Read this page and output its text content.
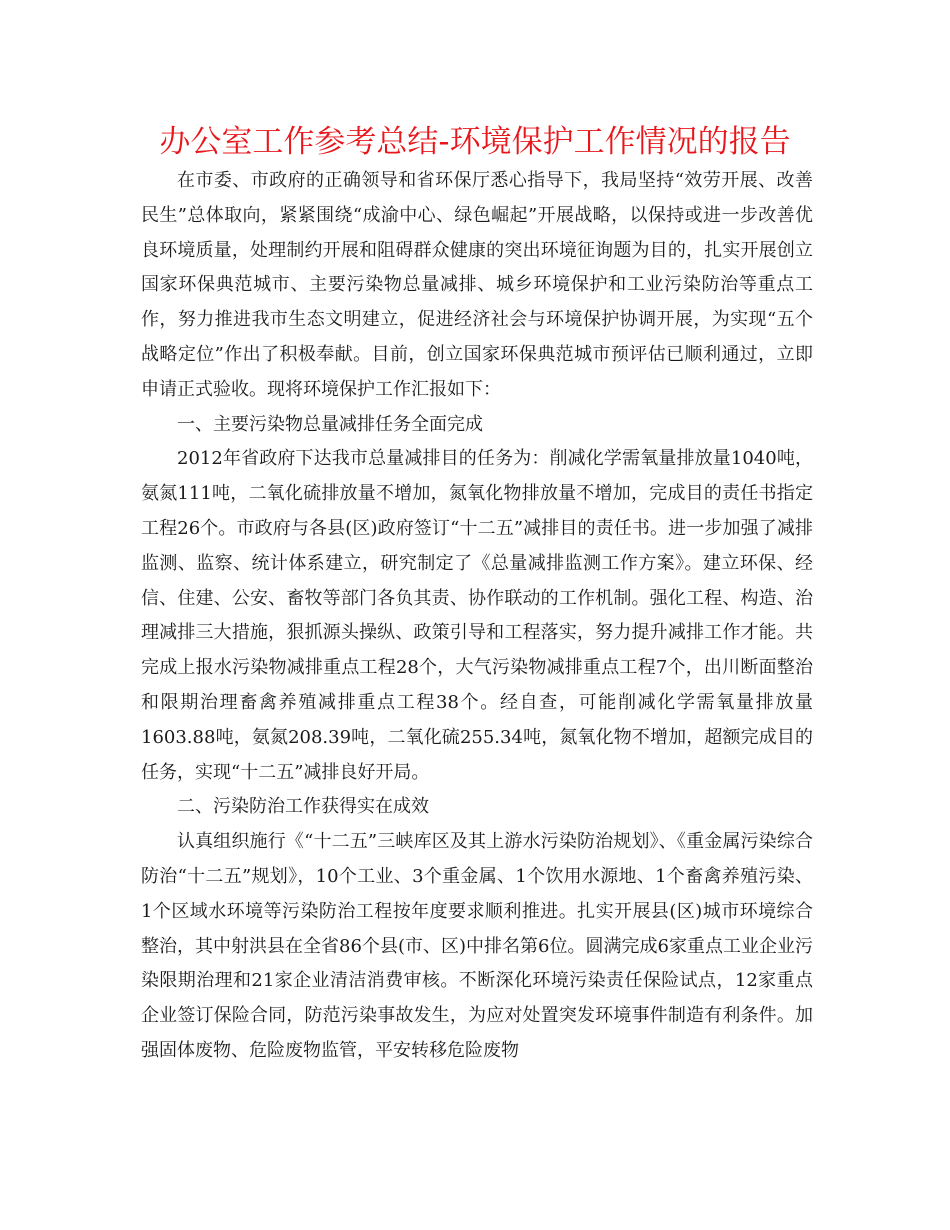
办公室工作参考总结-环境保护工作情况的报告

在市委、市政府的正确领导和省环保厅悉心指导下，我局坚持“效劳开展、改善民生”总体取向，紧紧围绕“成渝中心、绿色崛起”开展战略，以保持或进一步改善优良环境质量，处理制约开展和阻碍群众健康的突出环境征询题为目的，扎实开展创立国家环保典范城市、主要污染物总量减排、城乡环境保护和工业污染防治等重点工作，努力推进我市生态文明建立，促进经济社会与环境保护协调开展，为实现“五个战略定位”作出了积极奉献。目前，创立国家环保典范城市预评估已顺利通过，立即申请正式验收。现将环境保护工作汇报如下：

一、主要污染物总量减排任务全面完成

2012年省政府下达我市总量减排目的任务为：削减化学需氧量排放量1040吨，氨氮111吨，二氧化硫排放量不增加，氮氧化物排放量不增加，完成目的责任书指定工程26个。市政府与各县(区)政府签订“十二五”减排目的责任书。进一步加强了减排监测、监察、统计体系建立，研究制定了《总量减排监测工作方案》。建立环保、经信、住建、公安、畜牧等部门各负其责、协作联动的工作机制。强化工程、构造、治理减排三大措施，狠抓源头操纵、政策引导和工程落实，努力提升减排工作才能。共完成上报水污染物减排重点工程28个，大气污染物减排重点工程7个，出川断面整治和限期治理畜禽养殖减排重点工程38个。经自查，可能削减化学需氧量排放量1603.88吨，氨氮208.39吨，二氧化硫255.34吨，氮氧化物不增加，超额完成目的任务，实现“十二五”减排良好开局。

二、污染防治工作获得实在成效

认真组织施行《“十二五”三峡库区及其上游水污染防治规划》、《重金属污染综合防治“十二五”规划》，10个工业、3个重金属、1个饮用水源地、1个畜禽养殖污染、1个区域水环境等污染防治工程按年度要求顺利推进。扎实开展县(区)城市环境综合整治，其中射洪县在全省86个县(市、区)中排名第6位。圆满完成6家重点工业企业污染限期治理和21家企业清洁消费审核。不断深化环境污染责任保险试点，12家重点企业签订保险合同，防范污染事故发生，为应对处置突发环境事件制造有利条件。加强固体废物、危险废物监管，平安转移危险废物
